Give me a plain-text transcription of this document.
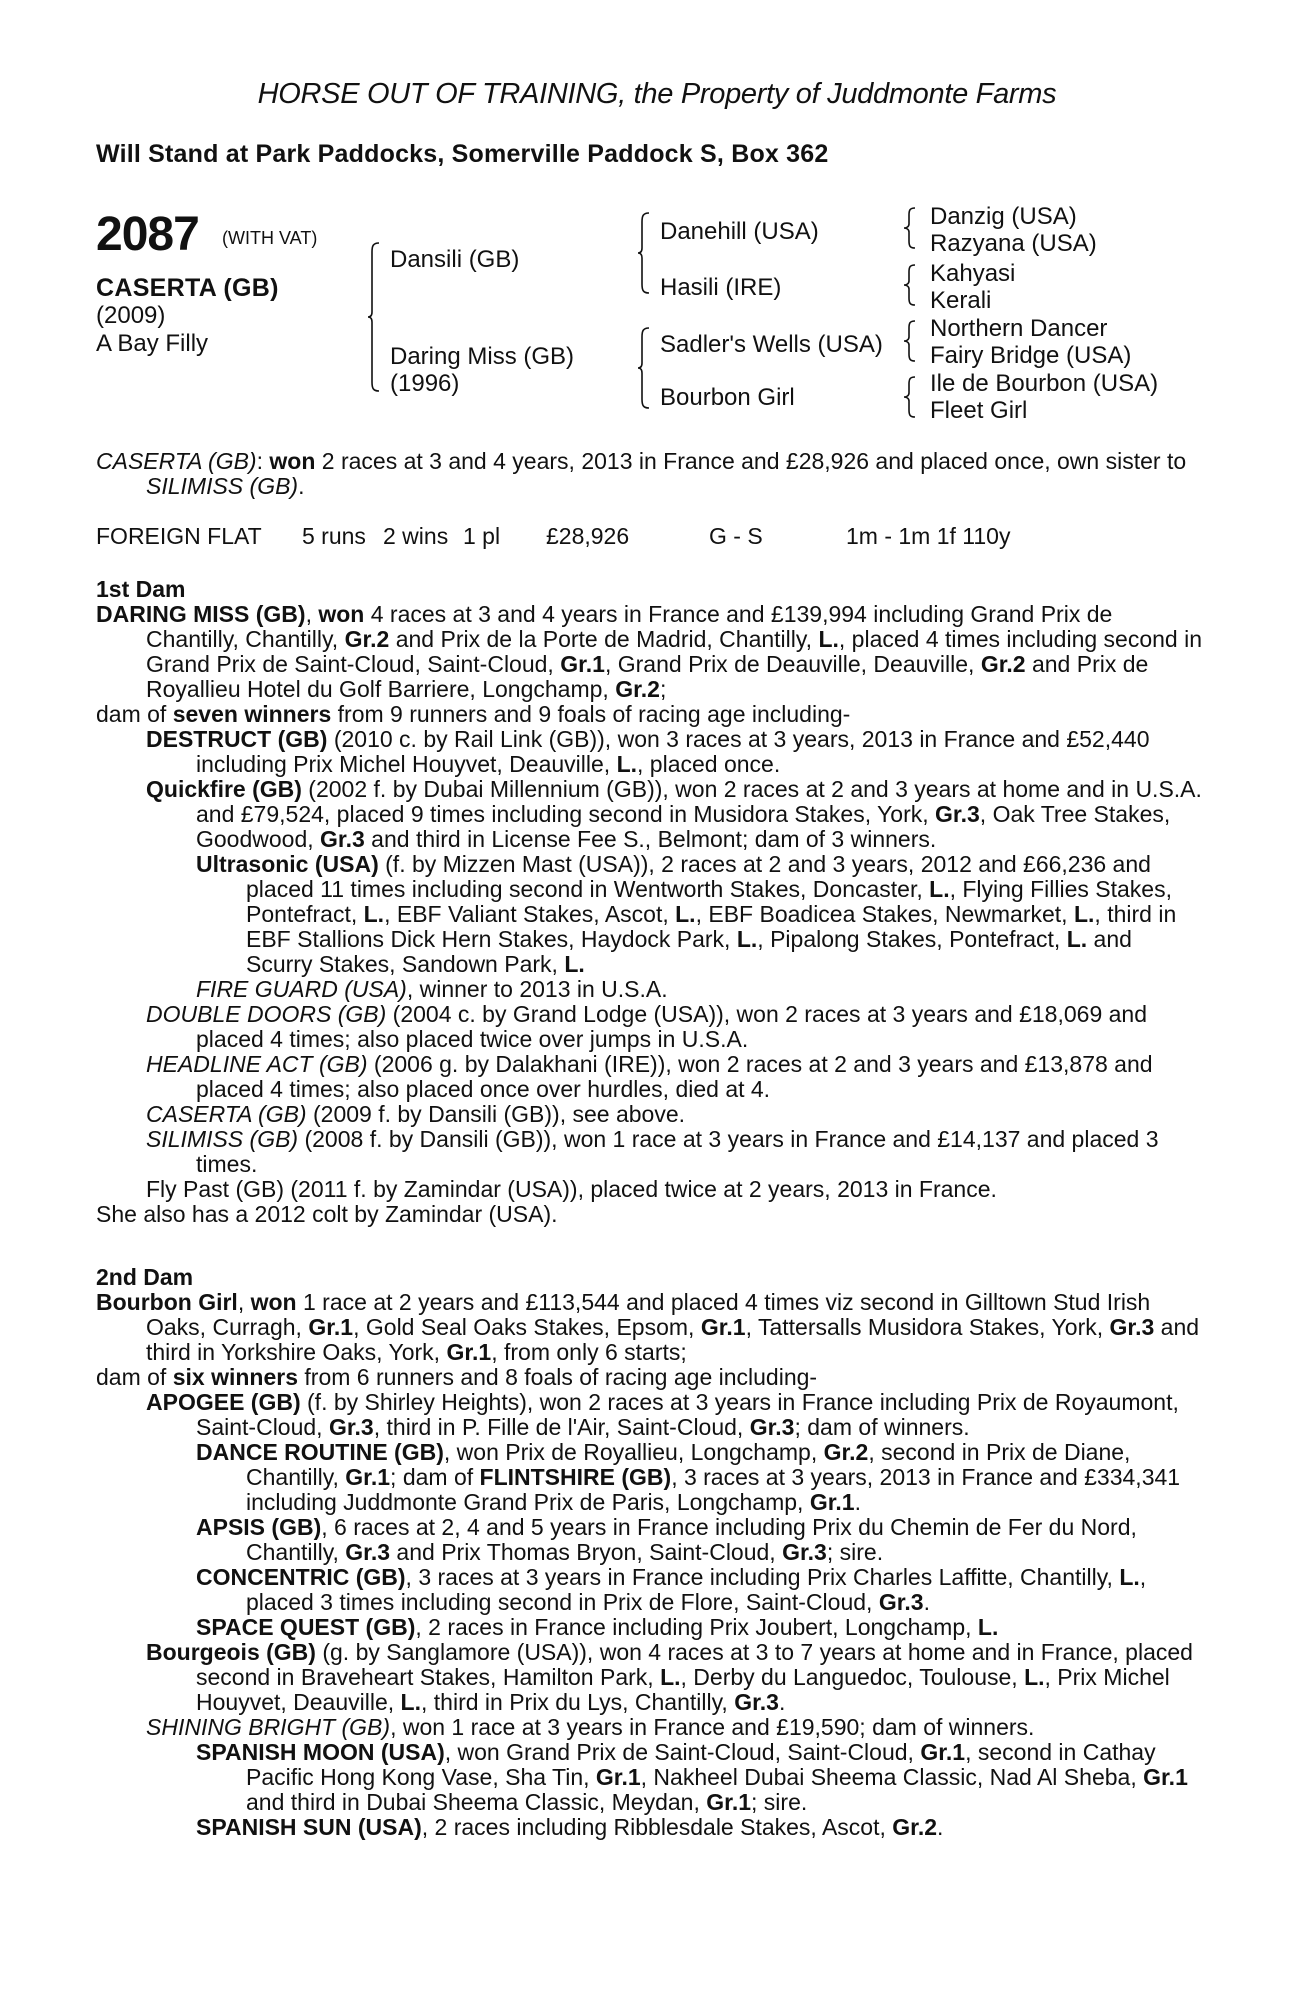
HORSE OUT OF TRAINING, the Property of Juddmonte Farms
Will Stand at Park Paddocks, Somerville Paddock S, Box 362
2087 (WITH VAT)
CASERTA (GB)
(2009)
A Bay Filly
Dansili (GB)
Daring Miss (GB)
(1996)
Danehill (USA)
Hasili (IRE)
Sadler's Wells (USA)
Bourbon Girl
Danzig (USA)
Razyana (USA)
Kahyasi
Kerali
Northern Dancer
Fairy Bridge (USA)
Ile de Bourbon (USA)
Fleet Girl

CASERTA (GB): won 2 races at 3 and 4 years, 2013 in France and £28,926 and placed once, own sister to SILIMISS (GB).

FOREIGN FLAT 5 runs 2 wins 1 pl £28,926	G - S	1m - 1m 1f 110y

1st Dam

DARING MISS (GB), won 4 races at 3 and 4 years in France and £139,994 including Grand Prix de Chantilly, Chantilly, Gr.2 and Prix de la Porte de Madrid, Chantilly, L., placed 4 times including second in Grand Prix de Saint-Cloud, Saint-Cloud, Gr.1, Grand Prix de Deauville, Deauville, Gr.2 and Prix de Royallieu Hotel du Golf Barriere, Longchamp, Gr.2;

dam of seven winners from 9 runners and 9 foals of racing age including-

DESTRUCT (GB) (2010 c. by Rail Link (GB)), won 3 races at 3 years, 2013 in France and £52,440 including Prix Michel Houyvet, Deauville, L., placed once.

Quickfire (GB) (2002 f. by Dubai Millennium (GB)), won 2 races at 2 and 3 years at home and in U.S.A. and £79,524, placed 9 times including second in Musidora Stakes, York, Gr.3, Oak Tree Stakes, Goodwood, Gr.3 and third in License Fee S., Belmont; dam of 3 winners.

Ultrasonic (USA) (f. by Mizzen Mast (USA)), 2 races at 2 and 3 years, 2012 and £66,236 and placed 11 times including second in Wentworth Stakes, Doncaster, L., Flying Fillies Stakes, Pontefract, L., EBF Valiant Stakes, Ascot, L., EBF Boadicea Stakes, Newmarket, L., third in EBF Stallions Dick Hern Stakes, Haydock Park, L., Pipalong Stakes, Pontefract, L. and Scurry Stakes, Sandown Park, L.

FIRE GUARD (USA), winner to 2013 in U.S.A.

DOUBLE DOORS (GB) (2004 c. by Grand Lodge (USA)), won 2 races at 3 years and £18,069 and placed 4 times; also placed twice over jumps in U.S.A.

HEADLINE ACT (GB) (2006 g. by Dalakhani (IRE)), won 2 races at 2 and 3 years and £13,878 and placed 4 times; also placed once over hurdles, died at 4.

CASERTA (GB) (2009 f. by Dansili (GB)), see above.

SILIMISS (GB) (2008 f. by Dansili (GB)), won 1 race at 3 years in France and £14,137 and placed 3 times.

Fly Past (GB) (2011 f. by Zamindar (USA)), placed twice at 2 years, 2013 in France.

She also has a 2012 colt by Zamindar (USA).

2nd Dam

Bourbon Girl, won 1 race at 2 years and £113,544 and placed 4 times viz second in Gilltown Stud Irish Oaks, Curragh, Gr.1, Gold Seal Oaks Stakes, Epsom, Gr.1, Tattersalls Musidora Stakes, York, Gr.3 and third in Yorkshire Oaks, York, Gr.1, from only 6 starts;

dam of six winners from 6 runners and 8 foals of racing age including-

APOGEE (GB) (f. by Shirley Heights), won 2 races at 3 years in France including Prix de Royaumont, Saint-Cloud, Gr.3, third in P. Fille de l'Air, Saint-Cloud, Gr.3; dam of winners.

DANCE ROUTINE (GB), won Prix de Royallieu, Longchamp, Gr.2, second in Prix de Diane, Chantilly, Gr.1; dam of FLINTSHIRE (GB), 3 races at 3 years, 2013 in France and £334,341 including Juddmonte Grand Prix de Paris, Longchamp, Gr.1.

APSIS (GB), 6 races at 2, 4 and 5 years in France including Prix du Chemin de Fer du Nord, Chantilly, Gr.3 and Prix Thomas Bryon, Saint-Cloud, Gr.3; sire.

CONCENTRIC (GB), 3 races at 3 years in France including Prix Charles Laffitte, Chantilly, L., placed 3 times including second in Prix de Flore, Saint-Cloud, Gr.3.

SPACE QUEST (GB), 2 races in France including Prix Joubert, Longchamp, L.

Bourgeois (GB) (g. by Sanglamore (USA)), won 4 races at 3 to 7 years at home and in France, placed second in Braveheart Stakes, Hamilton Park, L., Derby du Languedoc, Toulouse, L., Prix Michel Houyvet, Deauville, L., third in Prix du Lys, Chantilly, Gr.3.

SHINING BRIGHT (GB), won 1 race at 3 years in France and £19,590; dam of winners.

SPANISH MOON (USA), won Grand Prix de Saint-Cloud, Saint-Cloud, Gr.1, second in Cathay Pacific Hong Kong Vase, Sha Tin, Gr.1, Nakheel Dubai Sheema Classic, Nad Al Sheba, Gr.1 and third in Dubai Sheema Classic, Meydan, Gr.1; sire.

SPANISH SUN (USA), 2 races including Ribblesdale Stakes, Ascot, Gr.2.
